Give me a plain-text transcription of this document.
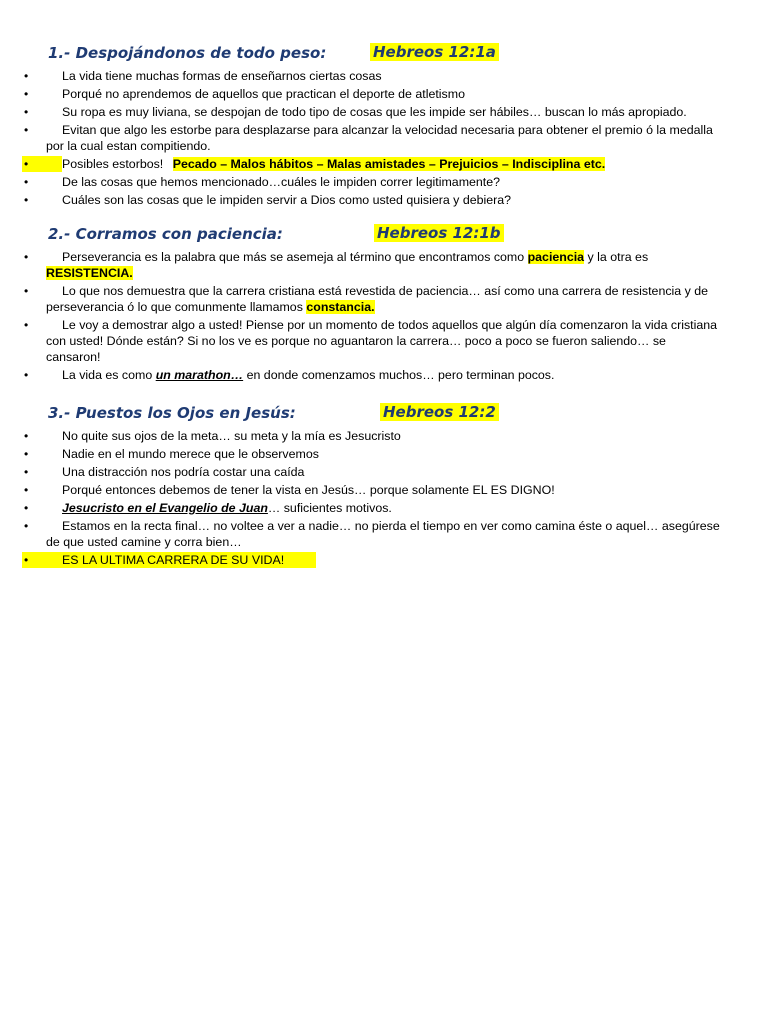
1.- Despojándonos de todo peso:	Hebreos 12:1a
•	La vida tiene muchas formas de enseñarnos ciertas cosas
•	Porqué no aprendemos de aquellos que practican el deporte de atletismo
•	Su ropa es muy liviana, se despojan de todo tipo de cosas que les impide ser hábiles… buscan lo más apropiado.
•	Evitan que algo les estorbe para desplazarse para alcanzar la velocidad necesaria para obtener el premio ó la medalla por la cual estan compitiendo.
•	Posibles estorbos! Pecado – Malos hábitos – Malas amistades – Prejuicios – Indisciplina etc.
•	De las cosas que hemos mencionado…cuáles le impiden correr legitimamente?
•	Cuáles son las cosas que le impiden servir a Dios como usted quisiera y debiera?
2.- Corramos con paciencia:	Hebreos 12:1b
•	Perseverancia es la palabra que más se asemeja al término que encontramos como paciencia y la otra es RESISTENCIA.
•	Lo que nos demuestra que la carrera cristiana está revestida de paciencia… así como una carrera de resistencia y de perseverancia ó lo que comunmente llamamos constancia.
•	Le voy a demostrar algo a usted! Piense por un momento de todos aquellos que algún día comenzaron la vida cristiana con usted! Dónde están? Si no los ve es porque no aguantaron la carrera… poco a poco se fueron saliendo… se cansaron!
•	La vida es como un marathon… en donde comenzamos muchos… pero terminan pocos.
3.- Puestos los Ojos en Jesús:	Hebreos 12:2
•	No quite sus ojos de la meta… su meta y la mía es Jesucristo
•	Nadie en el mundo merece que le observemos
•	Una distracción nos podría costar una caída
•	Porqué entonces debemos de tener la vista en Jesús… porque solamente EL ES DIGNO!
•	Jesucristo en el Evangelio de Juan… suficientes motivos.
•	Estamos en la recta final… no voltee a ver a nadie… no pierda el tiempo en ver como camina éste o aquel… asegúrese de que usted camine y corra bien…
•	ES LA ULTIMA CARRERA DE SU VIDA!
